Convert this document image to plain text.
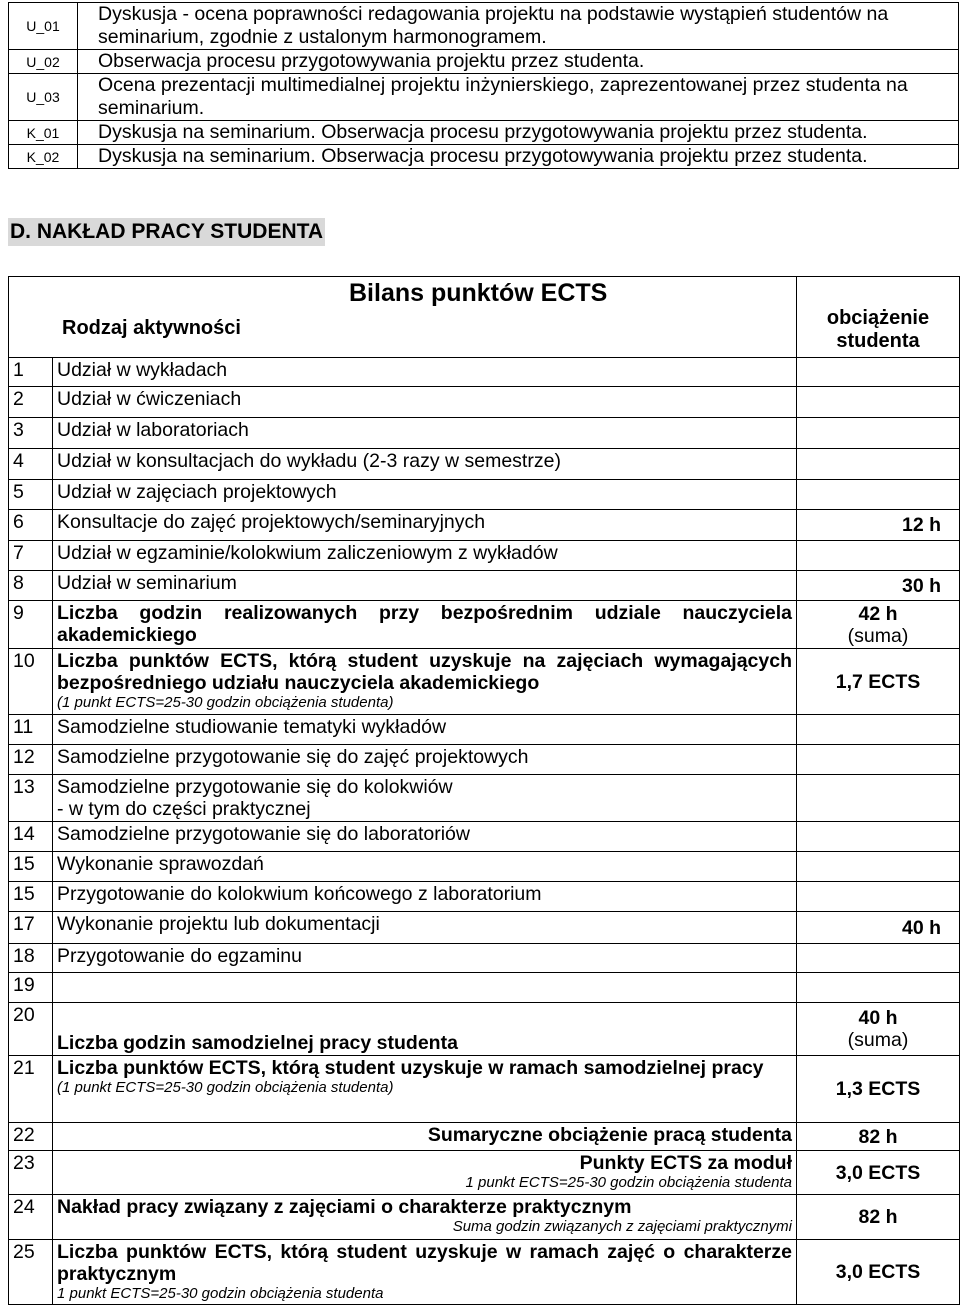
U_01	Dyskusja - ocena poprawności redagowania projektu na podstawie wystąpień studentów na seminarium, zgodnie z ustalonym harmonogramem.
U_02	Obserwacja procesu przygotowywania projektu przez studenta.
U_03	Ocena prezentacji multimedialnej projektu inżynierskiego, zaprezentowanej przez studenta na seminarium.
K_01	Dyskusja na seminarium. Obserwacja procesu przygotowywania projektu przez studenta.
K_02	Dyskusja na seminarium. Obserwacja procesu przygotowywania projektu przez studenta.
D. NAKŁAD PRACY STUDENTA
Bilans punktów ECTS
Rodzaj aktywności		obciążenie studenta
1	Udział w wykładach	

2	Udział w ćwiczeniach	

3	Udział w laboratoriach	

4	Udział w konsultacjach do wykładu (2-3 razy w semestrze)	

5	Udział w zajęciach projektowych	

6	Konsultacje do zajęć projektowych/seminaryjnych	12 h
7	Udział w egzaminie/kolokwium zaliczeniowym z wykładów	

8	Udział w seminarium	30 h
9	Liczba godzin realizowanych przy bezpośrednim udziale nauczyciela akademickiego	42 h
(suma)

10	Liczba punktów ECTS, którą student uzyskuje na zajęciach wymagających bezpośredniego udziału nauczyciela akademickiego
(1 punkt ECTS=25-30 godzin obciążenia studenta)	1,7 ECTS
11	Samodzielne studiowanie tematyki wykładów	

12	Samodzielne przygotowanie się do zajęć projektowych	

13	Samodzielne przygotowanie się do kolokwiów
- w tym do części praktycznej	

14	Samodzielne przygotowanie się do laboratoriów	

15	Wykonanie sprawozdań	

15	Przygotowanie do kolokwium końcowego z laboratorium	

17	Wykonanie projektu lub dokumentacji	40 h
18	Przygotowanie do egzaminu	

19	

20	Liczba godzin samodzielnej pracy studenta	40 h
(suma)

21	Liczba punktów ECTS, którą student uzyskuje w ramach samodzielnej pracy
(1 punkt ECTS=25-30 godzin obciążenia studenta)	1,3 ECTS
22	Sumaryczne obciążenie pracą studenta	82 h
23	Punkty ECTS za moduł
1 punkt ECTS=25-30 godzin obciążenia studenta	3,0 ECTS
24	Nakład pracy związany z zajęciami o charakterze praktycznym
Suma godzin związanych z zajęciami praktycznymi	82 h
25	Liczba punktów ECTS, którą student uzyskuje w ramach zajęć o charakterze praktycznym
1 punkt ECTS=25-30 godzin obciążenia studenta	3,0 ECTS
